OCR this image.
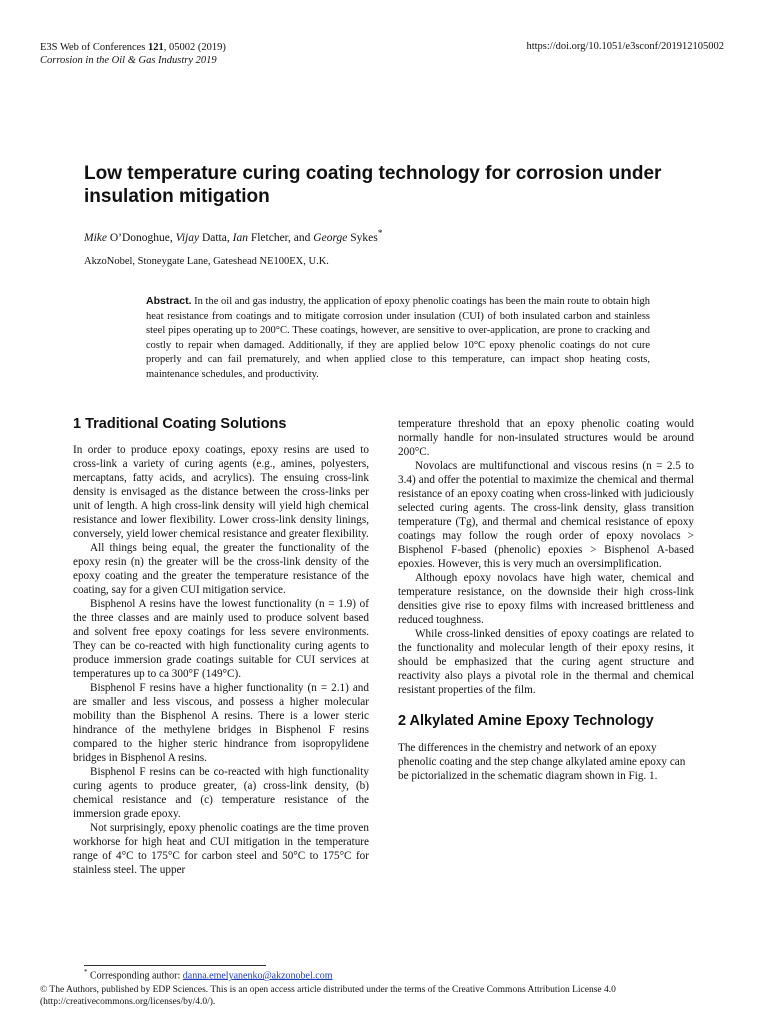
E3S Web of Conferences 121, 05002 (2019)
Corrosion in the Oil & Gas Industry 2019
https://doi.org/10.1051/e3sconf/201912105002
Low temperature curing coating technology for corrosion under insulation mitigation
Mike O’Donoghue, Vijay Datta, Ian Fletcher, and George Sykes*
AkzoNobel, Stoneygate Lane, Gateshead NE100EX, U.K.

Abstract. In the oil and gas industry, the application of epoxy phenolic coatings has been the main route to obtain high heat resistance from coatings and to mitigate corrosion under insulation (CUI) of both insulated carbon and stainless steel pipes operating up to 200°C. These coatings, however, are sensitive to over-application, are prone to cracking and costly to repair when damaged. Additionally, if they are applied below 10°C epoxy phenolic coatings do not cure properly and can fail prematurely, and when applied close to this temperature, can impact shop heating costs, maintenance schedules, and productivity.

1 Traditional Coating Solutions

In order to produce epoxy coatings, epoxy resins are used to cross-link a variety of curing agents (e.g., amines, polyesters, mercaptans, fatty acids, and acrylics). The ensuing cross-link density is envisaged as the distance between the cross-links per unit of length. A high cross-link density will yield high chemical resistance and lower flexibility. Lower cross-link density linings, conversely, yield lower chemical resistance and greater flexibility.

All things being equal, the greater the functionality of the epoxy resin (n) the greater will be the cross-link density of the epoxy coating and the greater the temperature resistance of the coating, say for a given CUI mitigation service.

Bisphenol A resins have the lowest functionality (n = 1.9) of the three classes and are mainly used to produce solvent based and solvent free epoxy coatings for less severe environments. They can be co-reacted with high functionality curing agents to produce immersion grade coatings suitable for CUI services at temperatures up to ca 300°F (149°C).

Bisphenol F resins have a higher functionality (n = 2.1) and are smaller and less viscous, and possess a higher molecular mobility than the Bisphenol A resins. There is a lower steric hindrance of the methylene bridges in Bisphenol F resins compared to the higher steric hindrance from isopropylidene bridges in Bisphenol A resins.

Bisphenol F resins can be co-reacted with high functionality curing agents to produce greater, (a) cross-link density, (b) chemical resistance and (c) temperature resistance of the immersion grade epoxy.

Not surprisingly, epoxy phenolic coatings are the time proven workhorse for high heat and CUI mitigation in the temperature range of 4°C to 175°C for carbon steel and 50°C to 175°C for stainless steel. The upper

temperature threshold that an epoxy phenolic coating would normally handle for non-insulated structures would be around 200°C.

Novolacs are multifunctional and viscous resins (n = 2.5 to 3.4) and offer the potential to maximize the chemical and thermal resistance of an epoxy coating when cross-linked with judiciously selected curing agents. The cross-link density, glass transition temperature (Tg), and thermal and chemical resistance of epoxy coatings may follow the rough order of epoxy novolacs > Bisphenol F-based (phenolic) epoxies > Bisphenol A-based epoxies. However, this is very much an oversimplification.

Although epoxy novolacs have high water, chemical and temperature resistance, on the downside their high cross-link densities give rise to epoxy films with increased brittleness and reduced toughness.

While cross-linked densities of epoxy coatings are related to the functionality and molecular length of their epoxy resins, it should be emphasized that the curing agent structure and reactivity also plays a pivotal role in the thermal and chemical resistant properties of the film.

2 Alkylated Amine Epoxy Technology

The differences in the chemistry and network of an epoxy phenolic coating and the step change alkylated amine epoxy can be pictorialized in the schematic diagram shown in Fig. 1.

* Corresponding author: danna.emelyanenko@akzonobel.com
© The Authors, published by EDP Sciences. This is an open access article distributed under the terms of the Creative Commons Attribution License 4.0 (http://creativecommons.org/licenses/by/4.0/).
